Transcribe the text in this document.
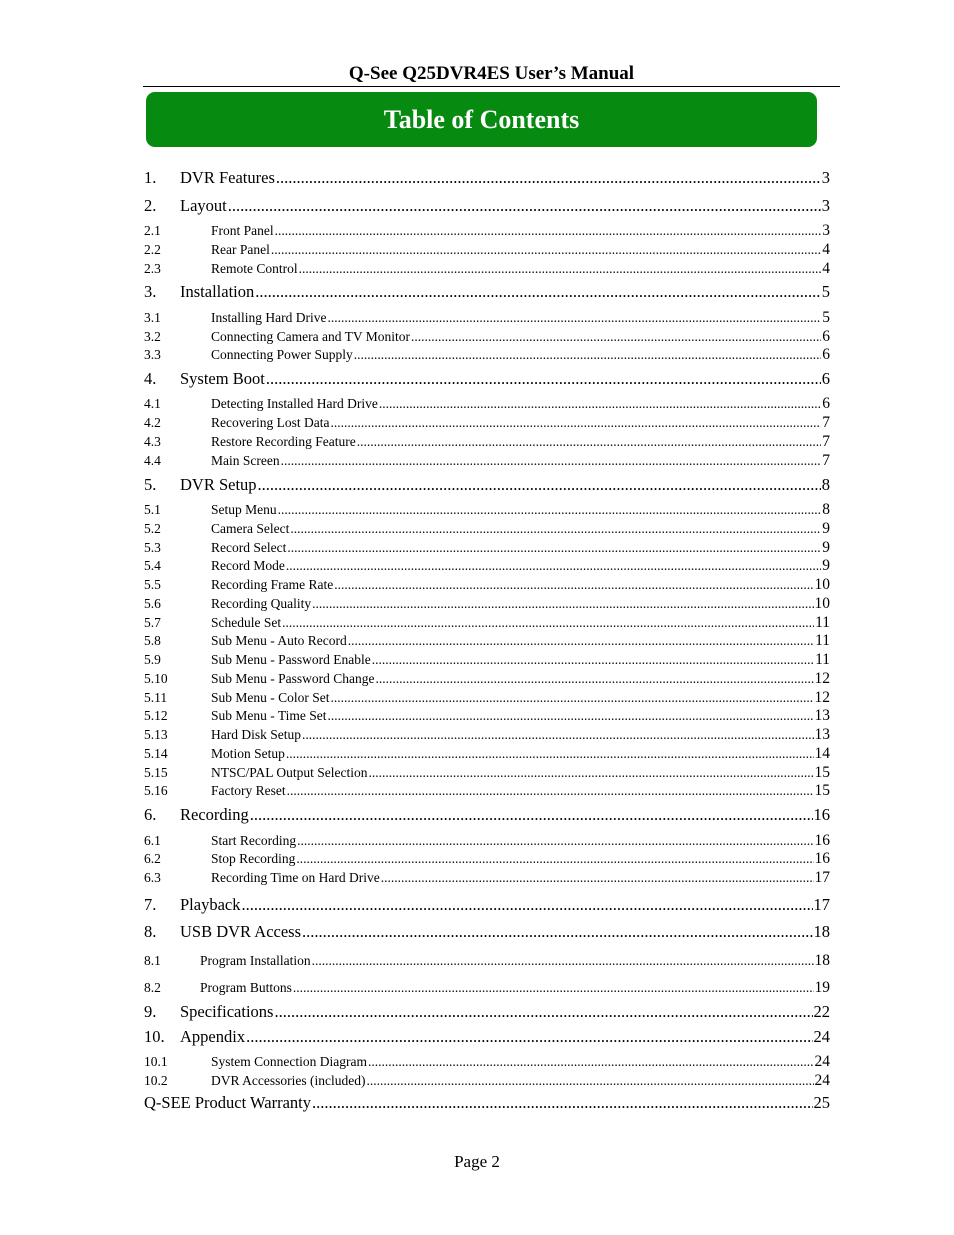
Q-See Q25DVR4ES User’s Manual
Table of Contents
1.	DVR Features .....	3
2.	Layout .....	3
2.1	Front Panel .....	3
2.2	Rear Panel .....	4
2.3	Remote Control .....	4
3.	Installation .....	5
3.1	Installing Hard Drive .....	5
3.2	Connecting Camera and TV Monitor .....	6
3.3	Connecting Power Supply .....	6
4.	System Boot .....	6
4.1	Detecting Installed Hard Drive .....	6
4.2	Recovering Lost Data .....	7
4.3	Restore Recording Feature .....	7
4.4	Main Screen .....	7
5.	DVR Setup .....	8
5.1	Setup Menu .....	8
5.2	Camera Select .....	9
5.3	Record Select .....	9
5.4	Record Mode .....	9
5.5	Recording Frame Rate .....	10
5.6	Recording Quality .....	10
5.7	Schedule Set .....	11
5.8	Sub Menu - Auto Record .....	11
5.9	Sub Menu - Password Enable .....	11
5.10	Sub Menu - Password Change .....	12
5.11	Sub Menu - Color Set .....	12
5.12	Sub Menu - Time Set .....	13
5.13	Hard Disk Setup .....	13
5.14	Motion Setup .....	14
5.15	NTSC/PAL Output Selection .....	15
5.16	Factory Reset .....	15
6.	Recording .....	16
6.1	Start Recording .....	16
6.2	Stop Recording .....	16
6.3	Recording Time on Hard Drive .....	17
7.	Playback .....	17
8.	USB DVR Access .....	18
8.1	Program Installation .....	18
8.2	Program Buttons .....	19
9.	Specifications .....	22
10. Appendix .....	24
10.1	System Connection Diagram .....	24
10.2	DVR Accessories (included) .....	24
Q-SEE Product Warranty .....	25
Page 2
